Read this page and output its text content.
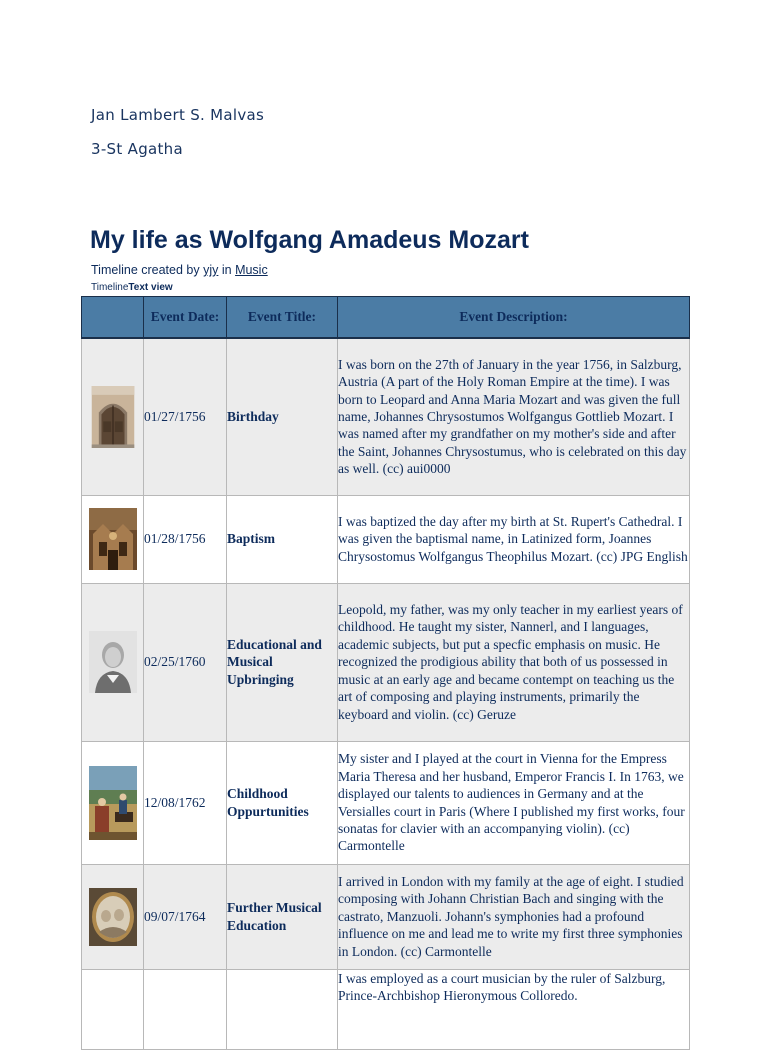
Jan Lambert S. Malvas
3-St Agatha
My life as Wolfgang Amadeus Mozart
Timeline created by yjy in Music
TimelineText view
	Event Date:	Event Title:	Event Description:
	01/27/1756	Birthday	I was born on the 27th of January in the year 1756, in Salzburg, Austria (A part of the Holy Roman Empire at the time). I was born to Leopard and Anna Maria Mozart and was given the full name, Johannes Chrysostumos Wolfgangus Gottlieb Mozart. I was named after my grandfather on my mother's side and after the Saint, Johannes Chrysostumus, who is celebrated on this day as well. (cc) aui0000
	01/28/1756	Baptism	I was baptized the day after my birth at St. Rupert's Cathedral. I was given the baptismal name, in Latinized form, Joannes Chrysostomus Wolfgangus Theophilus Mozart. (cc) JPG English
	02/25/1760	Educational and Musical Upbringing	Leopold, my father, was my only teacher in my earliest years of childhood. He taught my sister, Nannerl, and I languages, academic subjects, but put a specfic emphasis on music. He recognized the prodigious ability that both of us possessed in music at an early age and became contempt on teaching us the art of composing and playing instruments, primarily the keyboard and violin. (cc) Geruze
	12/08/1762	Childhood Oppurtunities	My sister and I played at the court in Vienna for the Empress Maria Theresa and her husband, Emperor Francis I. In 1763, we displayed our talents to audiences in Germany and at the Versialles court in Paris (Where I published my first works, four sonatas for clavier with an accompanying violin). (cc) Carmontelle
	09/07/1764	Further Musical Education	I arrived in London with my family at the age of eight. I studied composing with Johann Christian Bach and singing with the castrato, Manzuoli. Johann's symphonies had a profound influence on me and lead me to write my first three symphonies in London. (cc) Carmontelle
			I was employed as a court musician by the ruler of Salzburg, Prince-Archbishop Hieronymous Colloredo.
